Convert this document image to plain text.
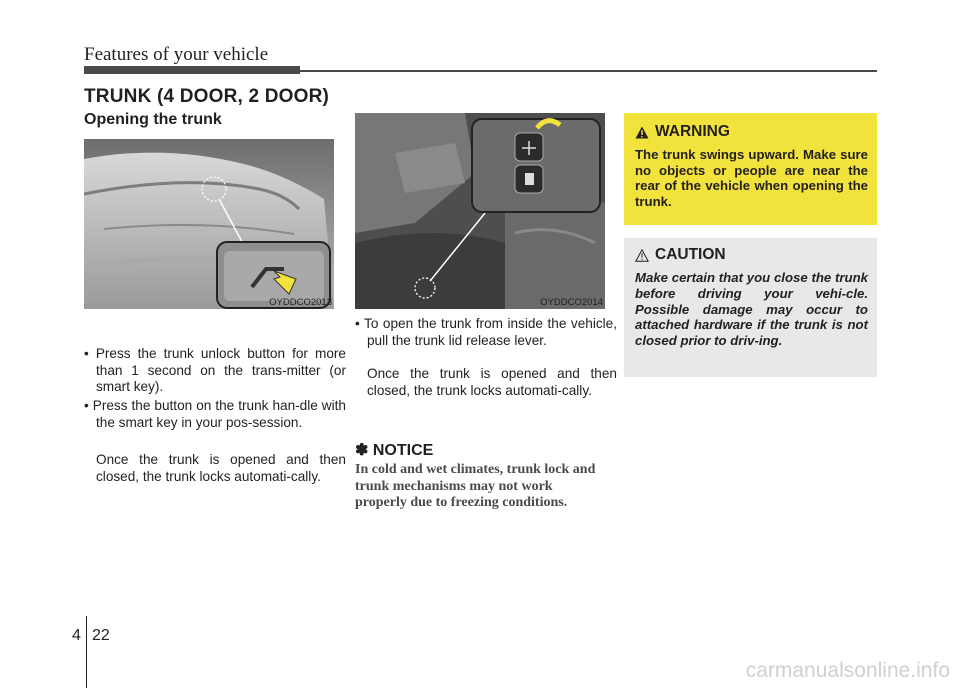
Features of your vehicle
TRUNK (4 DOOR, 2 DOOR)
Opening the trunk
OYDDCO2013	OYDDCO2014
• Press the trunk unlock button for more than 1 second on the trans-mitter (or smart key).
• Press the button on the trunk han-dle with the smart key in your pos-session.
Once the trunk is opened and then closed, the trunk locks automati-cally.
• To open the trunk from inside the vehicle, pull the trunk lid release lever.
Once the trunk is opened and then closed, the trunk locks automati-cally.
✽ NOTICE
In cold and wet climates, trunk lock and trunk mechanisms may not work properly due to freezing conditions.
WARNING
The trunk swings upward. Make sure no objects or people are near the rear of the vehicle when opening the trunk.
CAUTION
Make certain that you close the trunk before driving your vehi-cle. Possible damage may occur to attached hardware if the trunk is not closed prior to driv-ing.
4 22
carmanualsonline.info
